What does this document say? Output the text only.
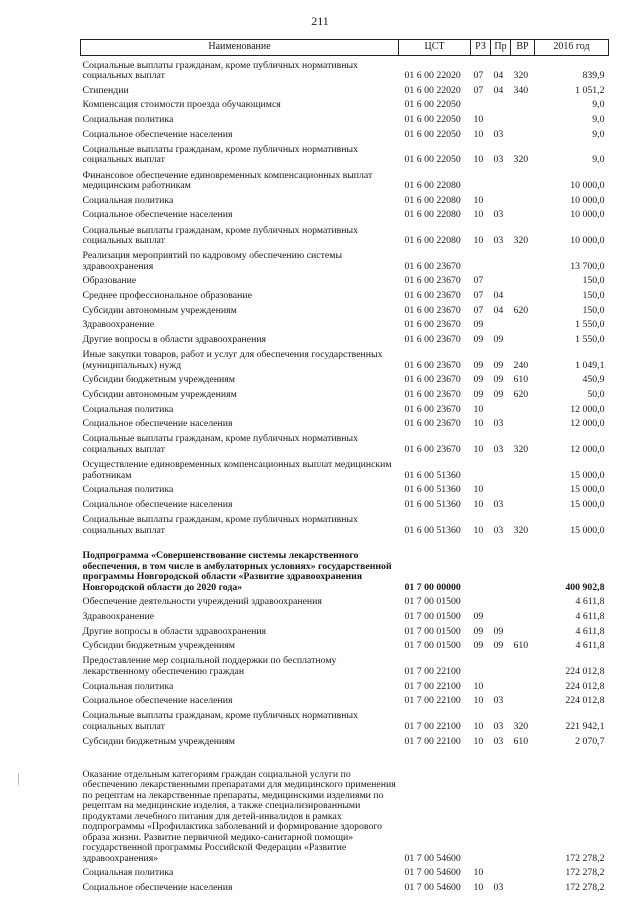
211
Наименование	ЦСТ	РЗ	Пр	ВР	2016 год
Социальные выплаты гражданам, кроме публичных нормативных социальных выплат	01 6 00 22020	07	04	320	839,9
Стипендии	01 6 00 22020	07	04	340	1 051,2
Компенсация стоимости проезда обучающимся	01 6 00 22050				9,0
Социальная политика	01 6 00 22050	10			9,0
Социальное обеспечение населения	01 6 00 22050	10	03		9,0
Социальные выплаты гражданам, кроме публичных нормативных социальных выплат	01 6 00 22050	10	03	320	9,0
Финансовое обеспечение единовременных компенсационных выплат медицинским работникам	01 6 00 22080				10 000,0
Социальная политика	01 6 00 22080	10			10 000,0
Социальное обеспечение населения	01 6 00 22080	10	03		10 000,0
Социальные выплаты гражданам, кроме публичных нормативных социальных выплат	01 6 00 22080	10	03	320	10 000,0
Реализация мероприятий по кадровому обеспечению системы здравоохранения	01 6 00 23670				13 700,0
Образование	01 6 00 23670	07			150,0
Среднее профессиональное образование	01 6 00 23670	07	04		150,0
Субсидии автономным учреждениям	01 6 00 23670	07	04	620	150,0
Здравоохранение	01 6 00 23670	09			1 550,0
Другие вопросы в области здравоохранения	01 6 00 23670	09	09		1 550,0
Иные закупки товаров, работ и услуг для обеспечения государственных (муниципальных) нужд	01 6 00 23670	09	09	240	1 049,1
Субсидии бюджетным учреждениям	01 6 00 23670	09	09	610	450,9
Субсидии автономным учреждениям	01 6 00 23670	09	09	620	50,0
Социальная политика	01 6 00 23670	10			12 000,0
Социальное обеспечение населения	01 6 00 23670	10	03		12 000,0
Социальные выплаты гражданам, кроме публичных нормативных социальных выплат	01 6 00 23670	10	03	320	12 000,0
Осуществление единовременных компенсационных выплат медицинским работникам	01 6 00 51360				15 000,0
Социальная политика	01 6 00 51360	10			15 000,0
Социальное обеспечение населения	01 6 00 51360	10	03		15 000,0
Социальные выплаты гражданам, кроме публичных нормативных социальных выплат	01 6 00 51360	10	03	320	15 000,0
Подпрограмма «Совершенствование системы лекарственного обеспечения, в том числе в амбулаторных условиях» государственной программы Новгородской области «Развитие здравоохранения Новгородской области до 2020 года»	01 7 00 00000				400 902,8
Обеспечение деятельности учреждений здравоохранения	01 7 00 01500				4 611,8
Здравоохранение	01 7 00 01500	09			4 611,8
Другие вопросы в области здравоохранения	01 7 00 01500	09	09		4 611,8
Субсидии бюджетным учреждениям	01 7 00 01500	09	09	610	4 611,8
Предоставление мер социальной поддержки по бесплатному лекарственному обеспечению граждан	01 7 00 22100				224 012,8
Социальная политика	01 7 00 22100	10			224 012,8
Социальное обеспечение населения	01 7 00 22100	10	03		224 012,8
Социальные выплаты гражданам, кроме публичных нормативных социальных выплат	01 7 00 22100	10	03	320	221 942,1
Субсидии бюджетным учреждениям	01 7 00 22100	10	03	610	2 070,7
Оказание отдельным категориям граждан социальной услуги по обеспечению лекарственными препаратами для медицинского применения по рецептам на лекарственные препараты, медицинскими изделиями по рецептам на медицинские изделия, а также специализированными продуктами лечебного питания для детей-инвалидов в рамках подпрограммы «Профилактика заболеваний и формирование здорового образа жизни. Развитие первичной медико-санитарной помощи» государственной программы Российской Федерации «Развитие здравоохранения»	01 7 00 54600				172 278,2
Социальная политика	01 7 00 54600	10			172 278,2
Социальное обеспечение населения	01 7 00 54600	10	03		172 278,2
